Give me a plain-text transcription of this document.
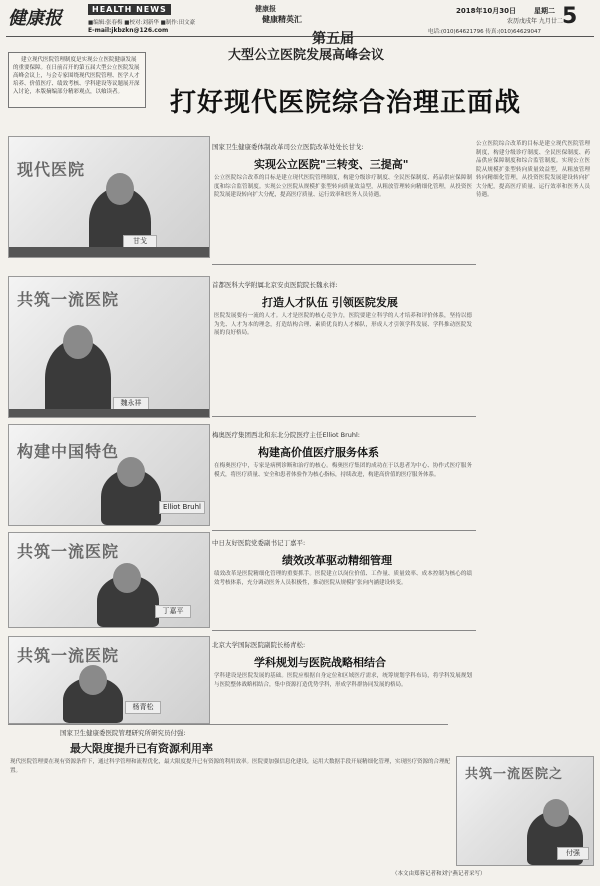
健康报	HEALTH NEWS
■编辑:张春梅 ■校对:刘新华 ■制作:田文豪
E-mail:jkbzkn@126.com
健康报
健康精英汇
2018年10月30日	星期二
农历戊戌年 九月廿二 5
电话:(010)64621796 传真:(010)64629047
第五届
大型公立医院发展高峰会议
建立现代医院管理制度是实现公立医院健康发展的重要保障。在日前召开的第五届大型公立医院发展高峰会议上，与会专家围绕现代医院管理、医学人才培养、价值医疗、绩效考核、学科建设等议题展开深入讨论，本版摘编部分精彩观点，以飨读者。	打好现代医院综合治理正面战
现代医院
甘戈
国家卫生健康委体制改革司公立医院改革处处长甘戈:
实现公立医院"三转变、三提高"
公立医院综合改革的目标是建立现代医院管理制度，构建分级诊疗制度、全民医保制度、药品供应保障制度和综合监管制度。实现公立医院从规模扩张型转向质量效益型，从粗放管理转向精细化管理，从投资医院发展建设转向扩大分配，提高医疗质量、运行效率和医务人员待遇。
共筑一流医院
魏永祥
首都医科大学附属北京安贞医院院长魏永祥:
打造人才队伍 引领医院发展
医院发展要有一流的人才。人才是医院的核心竞争力，医院要建立科学的人才培养和评价体系，坚持以德为先、人才为本的理念，打造结构合理、素质优良的人才梯队，形成人才引领学科发展、学科推动医院发展的良好格局。
构建中国特色
Elliot Bruhl
梅奥医疗集团西北和东北分院医疗主任Elliot Bruhl:
构建高价值医疗服务体系
在梅奥医疗中，专家是病例诊断和治疗的核心。梅奥医疗集团的成功在于以患者为中心、协作式医疗服务模式，将医疗质量、安全和患者体验作为核心指标，持续改进，构建高价值的医疗服务体系。
共筑一流医院
丁嘉平
中日友好医院党委副书记丁嘉平:
绩效改革驱动精细管理
绩效改革是医院精细化管理的重要抓手。医院建立以岗位价值、工作量、质量效率、成本控制为核心的绩效考核体系，充分调动医务人员积极性，推动医院从规模扩张向内涵建设转变。
共筑一流医院
杨青松
北京大学国际医院副院长杨青松:
学科规划与医院战略相结合
学科建设是医院发展的基础。医院应根据自身定位和区域医疗需求，统筹规划学科布局，将学科发展规划与医院整体战略相结合，集中资源打造优势学科，形成学科群协同发展的格局。
公立医院综合改革的目标是建立现代医院管理制度，构建分级诊疗制度、全民医保制度、药品供应保障制度和综合监管制度。实现公立医院从规模扩张型转向质量效益型，从粗放管理转向精细化管理，从投资医院发展建设转向扩大分配，提高医疗质量、运行效率和医务人员待遇。
国家卫生健康委医院管理研究所研究员付强:
最大限度提升已有资源利用率
现代医院管理要在现有资源条件下，通过科学管理和流程优化，最大限度提升已有资源的利用效率。医院要加强信息化建设，运用大数据手段开展精细化管理，实现医疗资源的合理配置。	共筑一流医院之
付强
（本文由郑蓉记者和刘宁燕记者采写）
